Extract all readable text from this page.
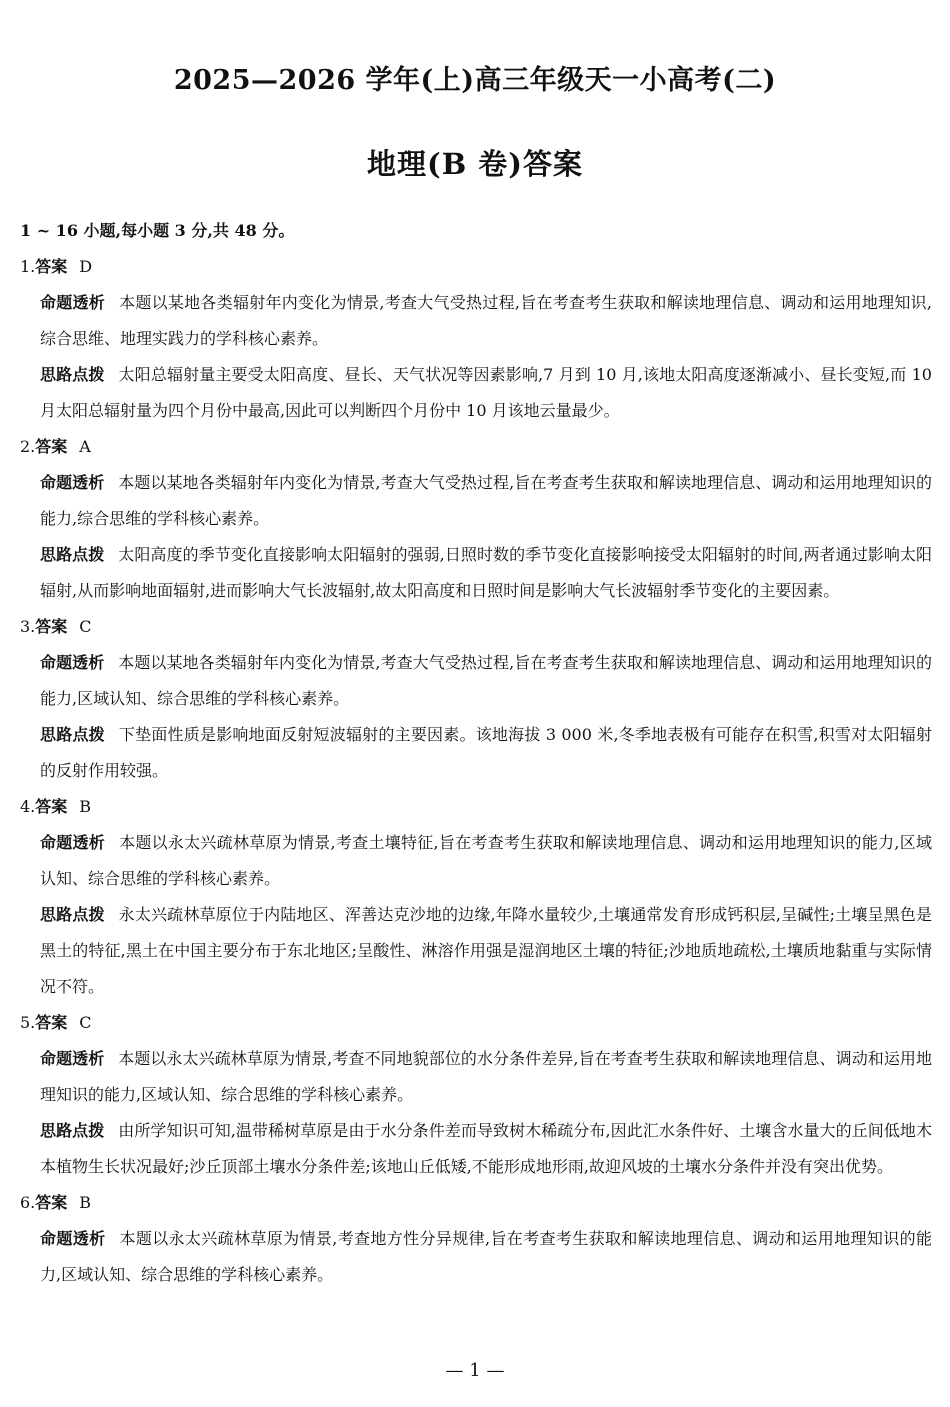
2025—2026 学年(上)高三年级天一小高考(二)
地理(B 卷)答案
1 ~ 16 小题,每小题 3 分,共 48 分。
1.答案 D
命题透析 本题以某地各类辐射年内变化为情景,考查大气受热过程,旨在考查考生获取和解读地理信息、调动和运用地理知识,综合思维、地理实践力的学科核心素养。
思路点拨 太阳总辐射量主要受太阳高度、昼长、天气状况等因素影响,7 月到 10 月,该地太阳高度逐渐减小、昼长变短,而 10 月太阳总辐射量为四个月份中最高,因此可以判断四个月份中 10 月该地云量最少。
2.答案 A
命题透析 本题以某地各类辐射年内变化为情景,考查大气受热过程,旨在考查考生获取和解读地理信息、调动和运用地理知识的能力,综合思维的学科核心素养。
思路点拨 太阳高度的季节变化直接影响太阳辐射的强弱,日照时数的季节变化直接影响接受太阳辐射的时间,两者通过影响太阳辐射,从而影响地面辐射,进而影响大气长波辐射,故太阳高度和日照时间是影响大气长波辐射季节变化的主要因素。
3.答案 C
命题透析 本题以某地各类辐射年内变化为情景,考查大气受热过程,旨在考查考生获取和解读地理信息、调动和运用地理知识的能力,区域认知、综合思维的学科核心素养。
思路点拨 下垫面性质是影响地面反射短波辐射的主要因素。该地海拔 3 000 米,冬季地表极有可能存在积雪,积雪对太阳辐射的反射作用较强。
4.答案 B
命题透析 本题以永太兴疏林草原为情景,考查土壤特征,旨在考查考生获取和解读地理信息、调动和运用地理知识的能力,区域认知、综合思维的学科核心素养。
思路点拨 永太兴疏林草原位于内陆地区、浑善达克沙地的边缘,年降水量较少,土壤通常发育形成钙积层,呈碱性;土壤呈黑色是黑土的特征,黑土在中国主要分布于东北地区;呈酸性、淋溶作用强是湿润地区土壤的特征;沙地质地疏松,土壤质地黏重与实际情况不符。
5.答案 C
命题透析 本题以永太兴疏林草原为情景,考查不同地貌部位的水分条件差异,旨在考查考生获取和解读地理信息、调动和运用地理知识的能力,区域认知、综合思维的学科核心素养。
思路点拨 由所学知识可知,温带稀树草原是由于水分条件差而导致树木稀疏分布,因此汇水条件好、土壤含水量大的丘间低地木本植物生长状况最好;沙丘顶部土壤水分条件差;该地山丘低矮,不能形成地形雨,故迎风坡的土壤水分条件并没有突出优势。
6.答案 B
命题透析 本题以永太兴疏林草原为情景,考查地方性分异规律,旨在考查考生获取和解读地理信息、调动和运用地理知识的能力,区域认知、综合思维的学科核心素养。
— 1 —
